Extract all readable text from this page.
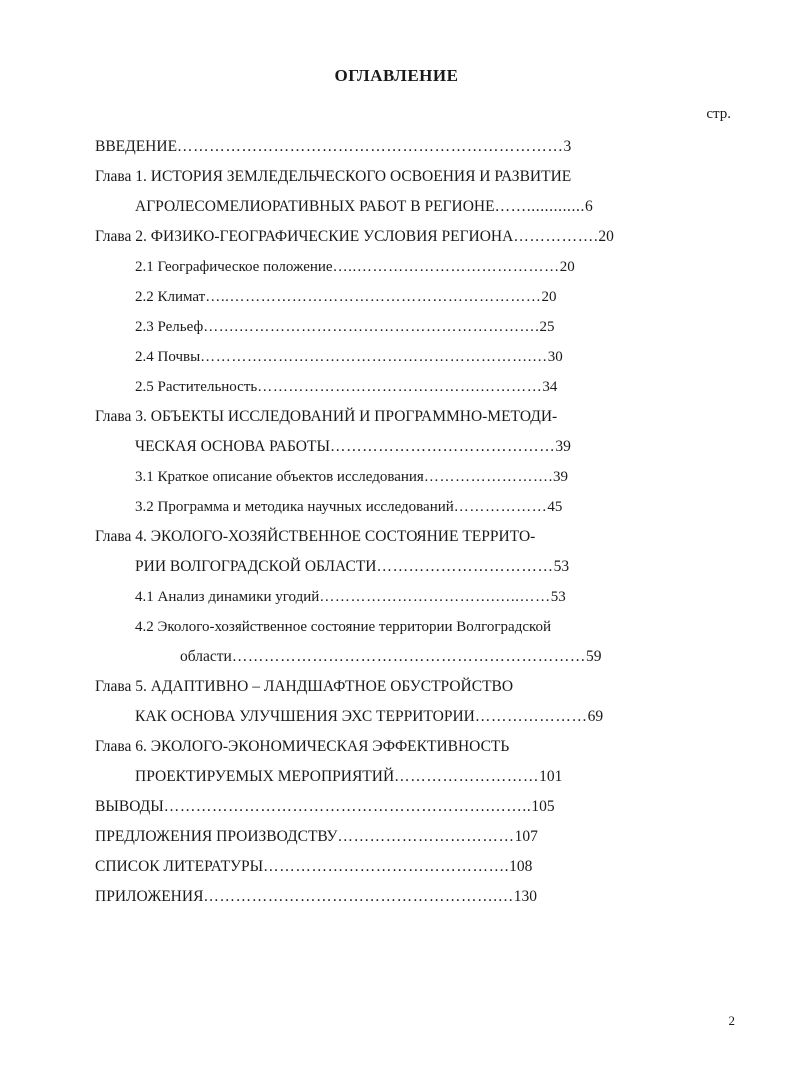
ОГЛАВЛЕНИЕ
стр.
ВВЕДЕНИЕ………………………………………………………………3
Глава 1. ИСТОРИЯ ЗЕМЛЕДЕЛЬЧЕСКОГО ОСВОЕНИЯ И РАЗВИТИЕ
АГРОЛЕСОМЕЛИОРАТИВНЫХ РАБОТ В РЕГИОНЕ…….............6
Глава 2. ФИЗИКО-ГЕОГРАФИЧЕСКИЕ УСЛОВИЯ РЕГИОНА…………….20
2.1 Географическое положение…..…………………………………20
2.2 Климат…..……………………………………………………20
2.3 Рельеф…….………………………………………………….25
2.4 Почвы……………………………………………………….…30
2.5 Растительность…………………………………….…………34
Глава 3. ОБЪЕКТЫ ИССЛЕДОВАНИЙ И ПРОГРАММНО-МЕТОДИ-
ЧЕСКАЯ ОСНОВА РАБОТЫ……………………………………39
3.1 Краткое описание объектов исследования…………………….39
3.2 Программа и методика научных исследований………………45
Глава 4. ЭКОЛОГО-ХОЗЯЙСТВЕННОЕ СОСТОЯНИЕ ТЕРРИТО-
РИИ ВОЛГОГРАДСКОЙ ОБЛАСТИ……………………………53
4.1 Анализ динамики угодий…………………………….…..……53
4.2 Эколого-хозяйственное состояние территории Волгоградской
области…………………………………………………………59
Глава 5. АДАПТИВНО – ЛАНДШАФТНОЕ ОБУСТРОЙСТВО
КАК ОСНОВА УЛУЧШЕНИЯ ЭХС ТЕРРИТОРИИ…………………69
Глава 6. ЭКОЛОГО-ЭКОНОМИЧЕСКАЯ ЭФФЕКТИВНОСТЬ
ПРОЕКТИРУЕМЫХ МЕРОПРИЯТИЙ………………………101
ВЫВОДЫ…………………………………………………….……..105
ПРЕДЛОЖЕНИЯ ПРОИЗВОДСТВУ……………………………107
СПИСОК ЛИТЕРАТУРЫ……………………………………….108
ПРИЛОЖЕНИЯ……………………………………………….…130
2
